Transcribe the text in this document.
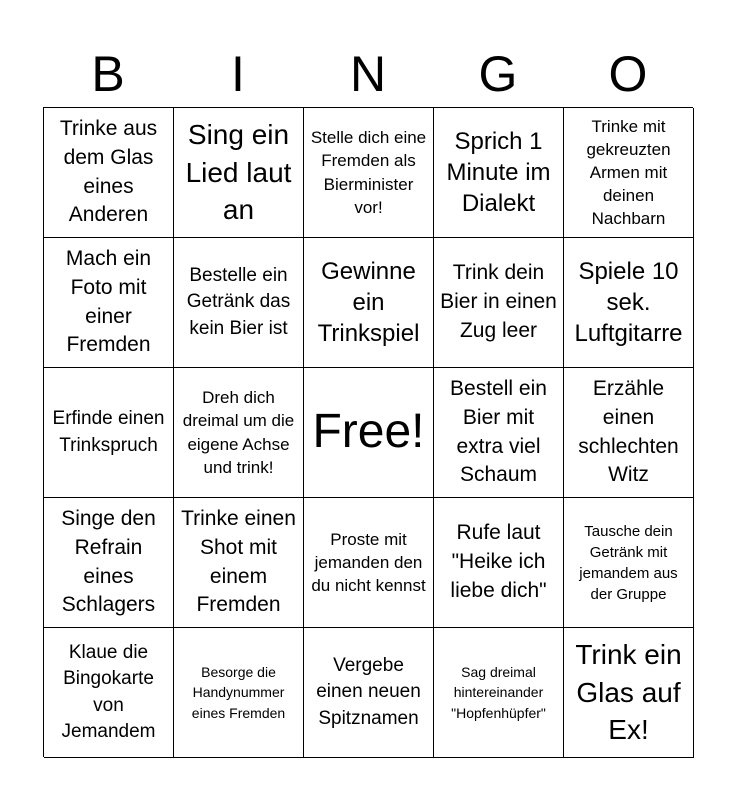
B	I	N	G	O
Trinke aus dem Glas eines Anderen
Sing ein Lied laut an
Stelle dich eine Fremden als Bierminister vor!
Sprich 1 Minute im Dialekt
Trinke mit gekreuzten Armen mit deinen Nachbarn
Mach ein Foto mit einer Fremden
Bestelle ein Getränk das kein Bier ist
Gewinne ein Trinkspiel
Trink dein Bier in einen Zug leer
Spiele 10 sek. Luftgitarre
Erfinde einen Trinkspruch
Dreh dich dreimal um die eigene Achse und trink!
Free!
Bestell ein Bier mit extra viel Schaum
Erzähle einen schlechten Witz
Singe den Refrain eines Schlagers
Trinke einen Shot mit einem Fremden
Proste mit jemanden den du nicht kennst
Rufe laut "Heike ich liebe dich"
Tausche dein Getränk mit jemandem aus der Gruppe
Klaue die Bingokarte von Jemandem
Besorge die Handynummer eines Fremden
Vergebe einen neuen Spitznamen
Sag dreimal hintereinander "Hopfenhüpfer"
Trink ein Glas auf Ex!
